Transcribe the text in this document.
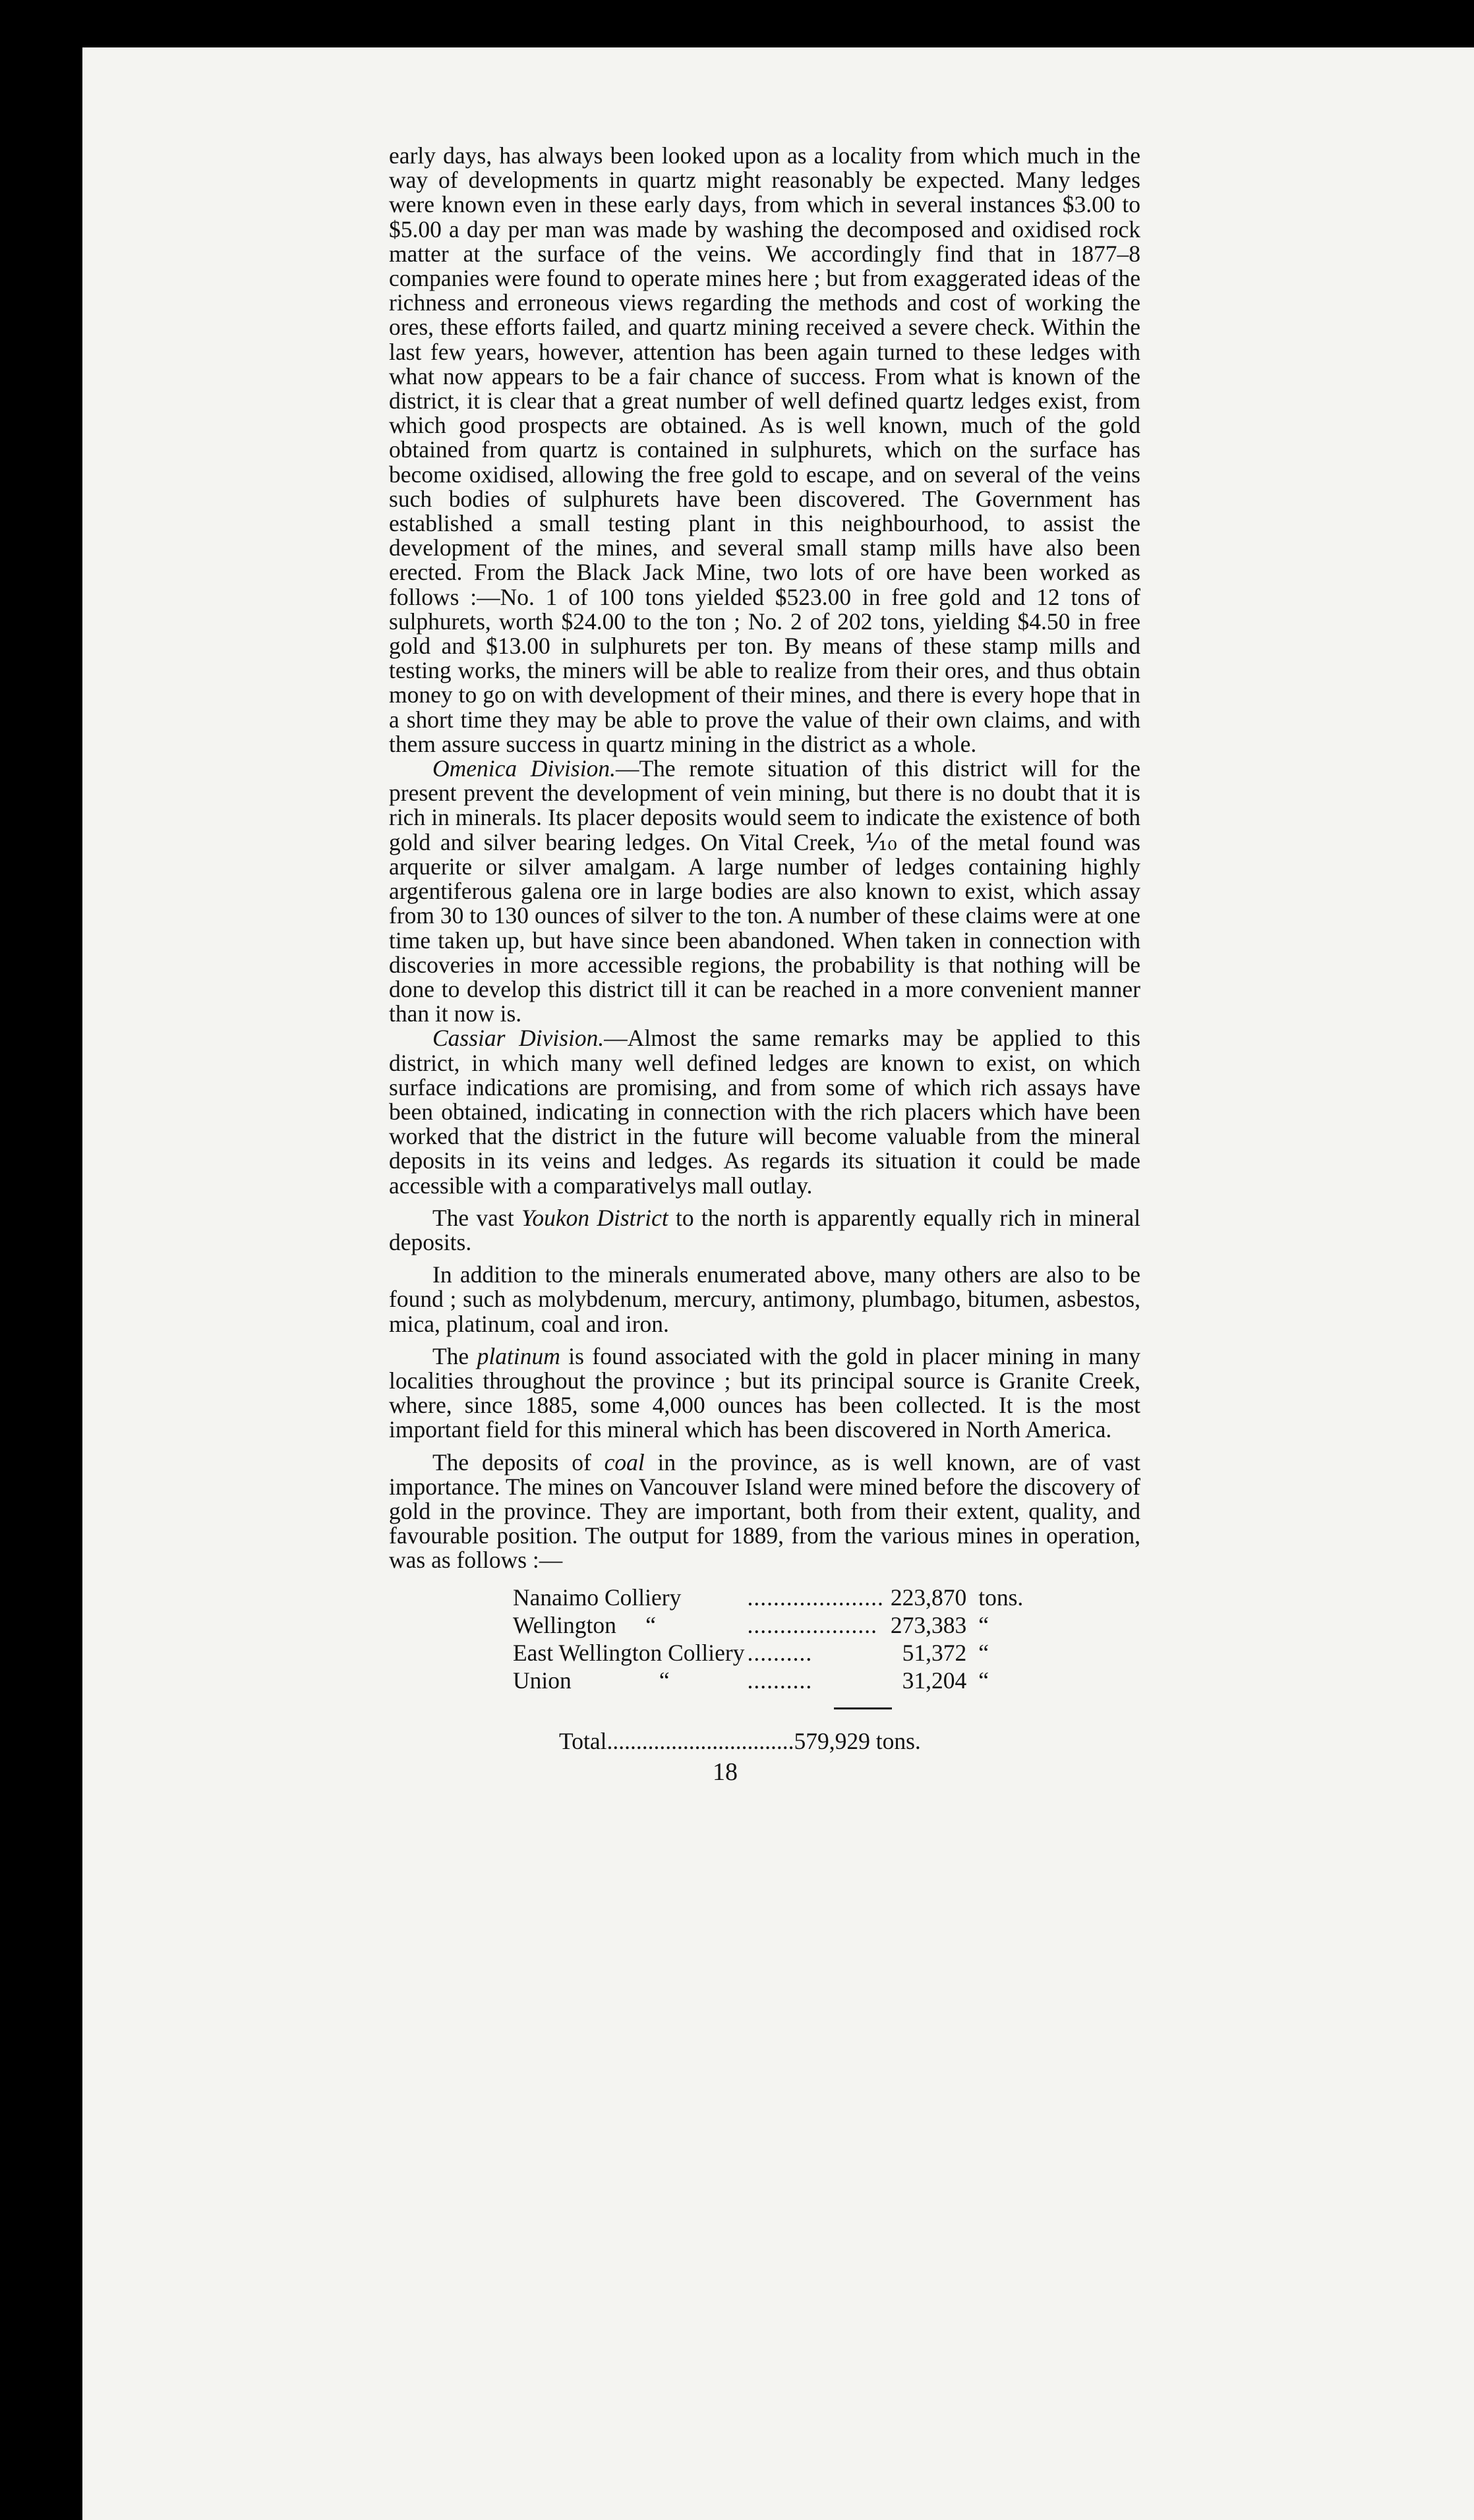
early days, has always been looked upon as a locality from which much in the way of developments in quartz might reasonably be expected. Many ledges were known even in these early days, from which in several instances $3.00 to $5.00 a day per man was made by washing the decomposed and oxidised rock matter at the surface of the veins. We accordingly find that in 1877–8 companies were found to operate mines here ; but from exaggerated ideas of the richness and erroneous views regarding the methods and cost of working the ores, these efforts failed, and quartz mining received a severe check. Within the last few years, however, attention has been again turned to these ledges with what now appears to be a fair chance of success. From what is known of the district, it is clear that a great number of well defined quartz ledges exist, from which good prospects are obtained. As is well known, much of the gold obtained from quartz is contained in sulphurets, which on the surface has become oxidised, allowing the free gold to escape, and on several of the veins such bodies of sulphurets have been discovered. The Government has established a small testing plant in this neighbourhood, to assist the development of the mines, and several small stamp mills have also been erected. From the Black Jack Mine, two lots of ore have been worked as follows :—No. 1 of 100 tons yielded $523.00 in free gold and 12 tons of sulphurets, worth $24.00 to the ton ; No. 2 of 202 tons, yielding $4.50 in free gold and $13.00 in sulphurets per ton. By means of these stamp mills and testing works, the miners will be able to realize from their ores, and thus obtain money to go on with development of their mines, and there is every hope that in a short time they may be able to prove the value of their own claims, and with them assure success in quartz mining in the district as a whole.

Omenica Division.—The remote situation of this district will for the present prevent the development of vein mining, but there is no doubt that it is rich in minerals. Its placer deposits would seem to indicate the existence of both gold and silver bearing ledges. On Vital Creek, ⅒ of the metal found was arquerite or silver amalgam. A large number of ledges containing highly argentiferous galena ore in large bodies are also known to exist, which assay from 30 to 130 ounces of silver to the ton. A number of these claims were at one time taken up, but have since been abandoned. When taken in connection with discoveries in more accessible regions, the probability is that nothing will be done to develop this district till it can be reached in a more convenient manner than it now is.

Cassiar Division.—Almost the same remarks may be applied to this district, in which many well defined ledges are known to exist, on which surface indications are promising, and from some of which rich assays have been obtained, indicating in connection with the rich placers which have been worked that the district in the future will become valuable from the mineral deposits in its veins and ledges. As regards its situation it could be made accessible with a comparativelys mall outlay.

The vast Youkon District to the north is apparently equally rich in mineral deposits.

In addition to the minerals enumerated above, many others are also to be found ; such as molybdenum, mercury, antimony, plumbago, bitumen, asbestos, mica, platinum, coal and iron.

The platinum is found associated with the gold in placer mining in many localities throughout the province ; but its principal source is Granite Creek, where, since 1885, some 4,000 ounces has been collected. It is the most important field for this mineral which has been discovered in North America.

The deposits of coal in the province, as is well known, are of vast importance. The mines on Vancouver Island were mined before the discovery of gold in the province. They are important, both from their extent, quality, and favourable position. The output for 1889, from the various mines in operation, was as follows :—

Nanaimo Colliery	.....................	223,870	tons.
Wellington     “	....................	273,383	“
East Wellington Colliery	..........	51,372	“
Union               “	..........	31,204	“
Total................................579,929 tons.
18
